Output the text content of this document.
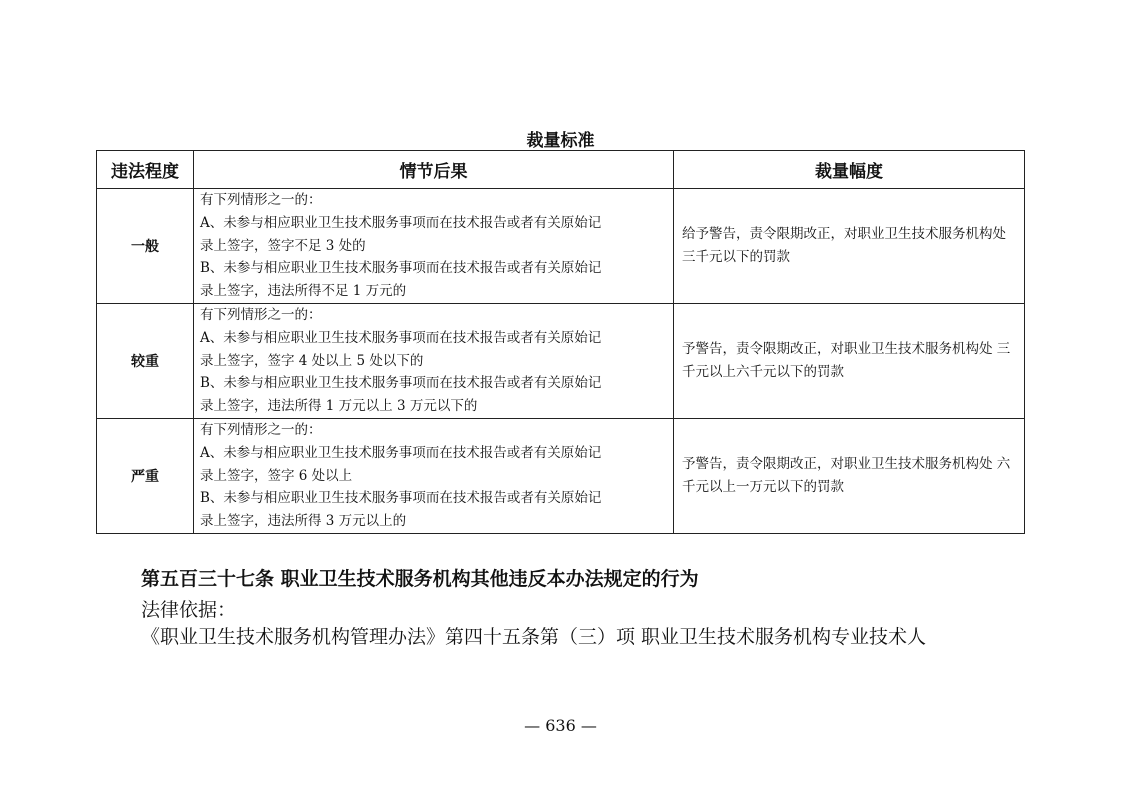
裁量标准
违法程度	情节后果	裁量幅度
一般	有下列情形之一的：
A、未参与相应职业卫生技术服务事项而在技术报告或者有关原始记
录上签字，签字不足 3 处的
B、未参与相应职业卫生技术服务事项而在技术报告或者有关原始记
录上签字，违法所得不足 1 万元的	给予警告，责令限期改正，对职业卫生技术服务机构处 三千元以下的罚款
较重	有下列情形之一的：
A、未参与相应职业卫生技术服务事项而在技术报告或者有关原始记
录上签字，签字 4 处以上 5 处以下的
B、未参与相应职业卫生技术服务事项而在技术报告或者有关原始记
录上签字，违法所得 1 万元以上 3 万元以下的	予警告，责令限期改正，对职业卫生技术服务机构处 三千元以上六千元以下的罚款
严重	有下列情形之一的：
A、未参与相应职业卫生技术服务事项而在技术报告或者有关原始记
录上签字，签字 6 处以上
B、未参与相应职业卫生技术服务事项而在技术报告或者有关原始记
录上签字，违法所得 3 万元以上的	予警告，责令限期改正，对职业卫生技术服务机构处 六千元以上一万元以下的罚款
第五百三十七条 职业卫生技术服务机构其他违反本办法规定的行为
法律依据：
《职业卫生技术服务机构管理办法》第四十五条第（三）项 职业卫生技术服务机构专业技术人
— 636 —
